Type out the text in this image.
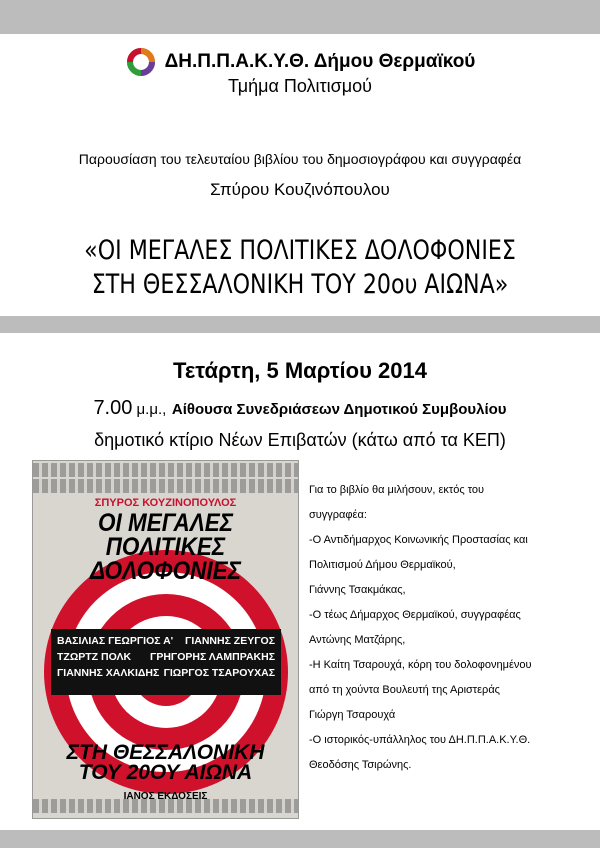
ΔΗ.Π.Π.Α.Κ.Υ.Θ. Δήμου Θερμαϊκού
Τμήμα Πολιτισμού
Παρουσίαση του τελευταίου βιβλίου του δημοσιογράφου και συγγραφέα
Σπύρου Κουζινόπουλου
«ΟΙ ΜΕΓΑΛΕΣ ΠΟΛΙΤΙΚΕΣ ΔΟΛΟΦΟΝΙΕΣ
ΣΤΗ ΘΕΣΣΑΛΟΝΙΚΗ ΤΟΥ 20ου ΑΙΩΝΑ»
Τετάρτη, 5 Μαρτίου 2014
7.00 μ.μ., Αίθουσα Συνεδριάσεων Δημοτικού Συμβουλίου
δημοτικό κτίριο Νέων Επιβατών (κάτω από τα ΚΕΠ)
ΣΠΥΡΟΣ ΚΟΥΖΙΝΟΠΟΥΛΟΣ
ΟΙ ΜΕΓΑΛΕΣ
ΠΟΛΙΤΙΚΕΣ
ΔΟΛΟΦΟΝΙΕΣ
ΒΑΣΙΛΙΑΣ ΓΕΩΡΓΙΟΣ Α' ΓΙΑΝΝΗΣ ΖΕΥΓΟΣ
ΤΖΩΡΤΖ ΠΟΛΚ ΓΡΗΓΟΡΗΣ ΛΑΜΠΡΑΚΗΣ
ΓΙΑΝΝΗΣ ΧΑΛΚΙΔΗΣ ΓΙΩΡΓΟΣ ΤΣΑΡΟΥΧΑΣ
ΣΤΗ ΘΕΣΣΑΛΟΝΙΚΗ
ΤΟΥ 20ΟΥ ΑΙΩΝΑ
ΙΑΝΟΣ ΕΚΔΟΣΕΙΣ
Για το βιβλίο θα μιλήσουν, εκτός του
συγγραφέα:
-Ο Αντιδήμαρχος Κοινωνικής Προστασίας και
Πολιτισμού Δήμου Θερμαϊκού,
Γιάννης Τσακμάκας,
-Ο τέως Δήμαρχος Θερμαϊκού, συγγραφέας
Αντώνης Ματζάρης,
-Η Καίτη Τσαρουχά, κόρη του δολοφονημένου
από τη χούντα Βουλευτή της Αριστεράς
Γιώργη Τσαρουχά
-Ο ιστορικός-υπάλληλος του ΔΗ.Π.Π.Α.Κ.Υ.Θ.
Θεοδόσης Τσιρώνης.
